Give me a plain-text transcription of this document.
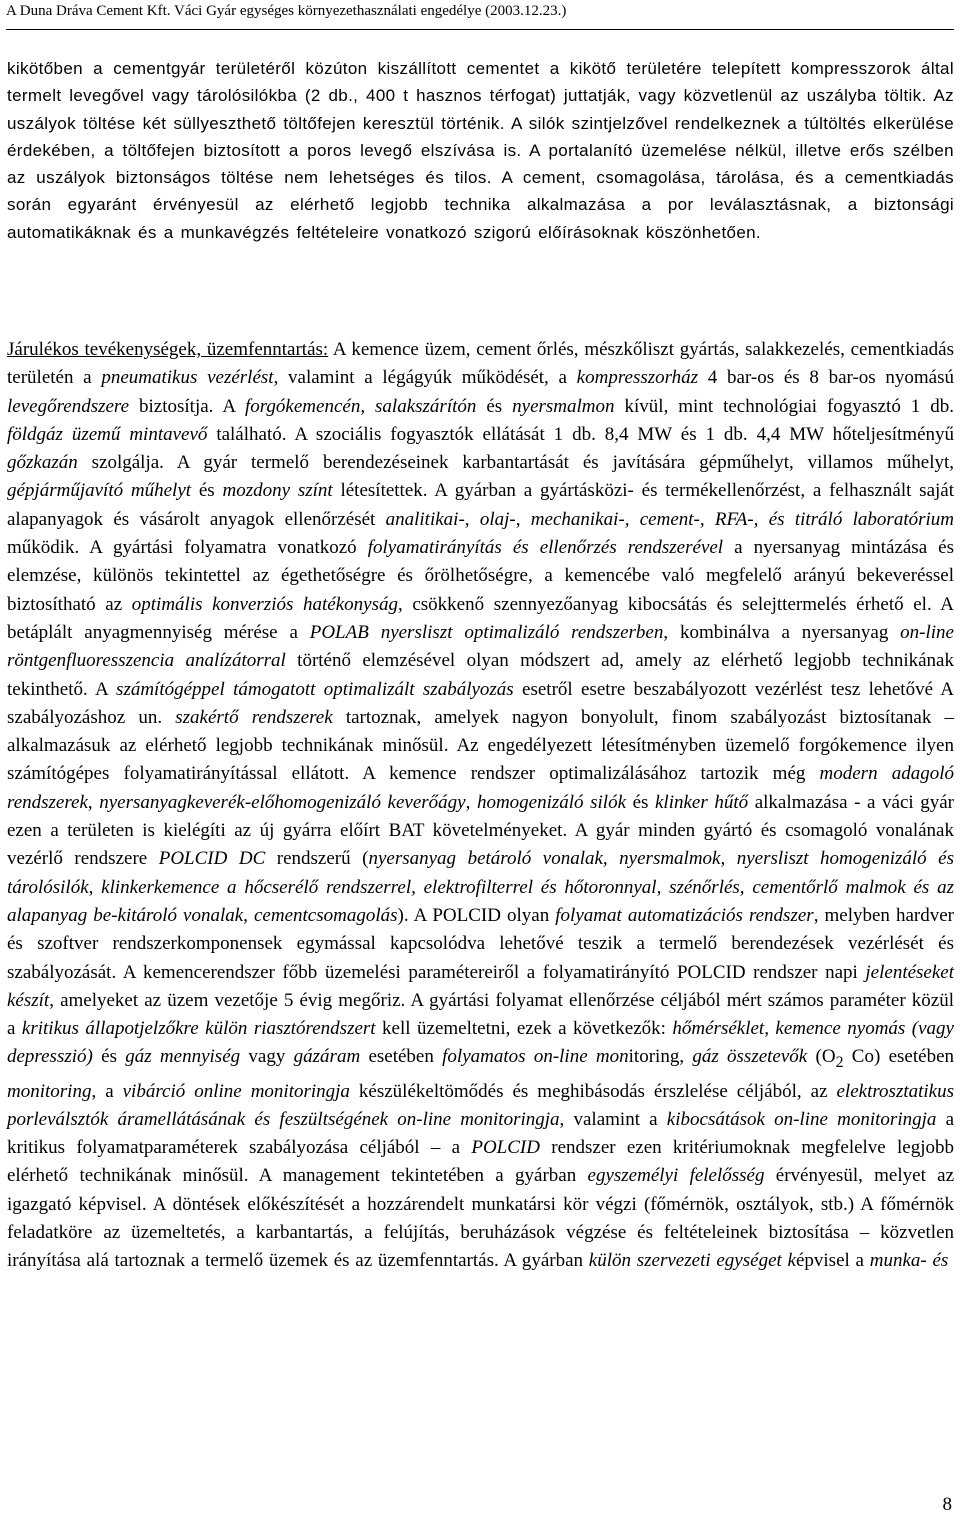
A Duna Dráva Cement Kft. Váci Gyár egységes környezethasználati engedélye (2003.12.23.)
kikötőben a cementgyár területéről közúton kiszállított cementet a kikötő területére telepített kompresszorok által termelt levegővel vagy tárolósilókba (2 db., 400 t hasznos térfogat) juttatják, vagy közvetlenül az uszályba töltik. Az uszályok töltése két süllyeszthető töltőfejen keresztül történik. A silók szintjelzővel rendelkeznek a túltöltés elkerülése érdekében, a töltőfejen biztosított a poros levegő elszívása is. A portalanító üzemelése nélkül, illetve erős szélben az uszályok biztonságos töltése nem lehetséges és tilos. A cement, csomagolása, tárolása, és a cementkiadás során egyaránt érvényesül az elérhető legjobb technika alkalmazása a por leválasztásnak, a biztonsági automatikáknak és a munkavégzés feltételeire vonatkozó szigorú előírásoknak köszönhetően.

Járulékos tevékenységek, üzemfenntartás: A kemence üzem, cement őrlés, mészkőliszt gyártás, salakkezelés, cementkiadás területén a pneumatikus vezérlést, valamint a légágyúk működését, a kompresszorház 4 bar-os és 8 bar-os nyomású levegőrendszere biztosítja. A forgókemencén, salakszárítón és nyersmalmon kívül, mint technológiai fogyasztó 1 db. földgáz üzemű mintavevő található. A szociális fogyasztók ellátását 1 db. 8,4 MW és 1 db. 4,4 MW hőteljesítményű gőzkazán szolgálja. A gyár termelő berendezéseinek karbantartását és javítására gépműhelyt, villamos műhelyt, gépjárműjavító műhelyt és mozdony színt létesítettek. A gyárban a gyártásközi- és termékellenőrzést, a felhasznált saját alapanyagok és vásárolt anyagok ellenőrzését analitikai-, olaj-, mechanikai-, cement-, RFA-, és titráló laboratórium működik. A gyártási folyamatra vonatkozó folyamatirányítás és ellenőrzés rendszerével a nyersanyag mintázása és elemzése, különös tekintettel az égethetőségre és őrölhetőségre, a kemencébe való megfelelő arányú bekeveréssel biztosítható az optimális konverziós hatékonyság, csökkenő szennyezőanyag kibocsátás és selejttermelés érhető el. A betáplált anyagmennyiség mérése a POLAB nyersliszt optimalizáló rendszerben, kombinálva a nyersanyag on-line röntgenfluoresszencia analízátorral történő elemzésével olyan módszert ad, amely az elérhető legjobb technikának tekinthető. A számítógéppel támogatott optimalizált szabályozás esetről esetre beszabályozott vezérlést tesz lehetővé A szabályozáshoz un. szakértő rendszerek tartoznak, amelyek nagyon bonyolult, finom szabályozást biztosítanak – alkalmazásuk az elérhető legjobb technikának minősül. Az engedélyezett létesítményben üzemelő forgókemence ilyen számítógépes folyamatirányítással ellátott. A kemence rendszer optimalizálásához tartozik még modern adagoló rendszerek, nyersanyagkeverék-előhomogenizáló keverőágy, homogenizáló silók és klinker hűtő alkalmazása - a váci gyár ezen a területen is kielégíti az új gyárra előírt BAT követelményeket. A gyár minden gyártó és csomagoló vonalának vezérlő rendszere POLCID DC rendszerű (nyersanyag betároló vonalak, nyersmalmok, nyersliszt homogenizáló és tárolósilók, klinkerkemence a hőcserélő rendszerrel, elektrofilterrel és hőtoronnyal, szénőrlés, cementőrlő malmok és az alapanyag be-kitároló vonalak, cementcsomagolás). A POLCID olyan folyamat automatizációs rendszer, melyben hardver és szoftver rendszerkomponensek egymással kapcsolódva lehetővé teszik a termelő berendezések vezérlését és szabályozását. A kemencerendszer főbb üzemelési paramétereiről a folyamatirányító POLCID rendszer napi jelentéseket készít, amelyeket az üzem vezetője 5 évig megőriz. A gyártási folyamat ellenőrzése céljából mért számos paraméter közül a kritikus állapotjelzőkre külön riasztórendszert kell üzemeltetni, ezek a következők: hőmérséklet, kemence nyomás (vagy depresszió) és gáz mennyiség vagy gázáram esetében folyamatos on-line monitoring, gáz összetevők ($O_2$ Co) esetében monitoring, a vibárció online monitoringja készülékeltömődés és meghibásodás érszlelése céljából, az elektrosztatikus porleválsztók áramellátásának és feszültségének on-line monitoringja, valamint a kibocsátások on-line monitoringja a kritikus folyamatparaméterek szabályozása céljából – a POLCID rendszer ezen kritériumoknak megfelelve legjobb elérhető technikának minősül. A management tekintetében a gyárban egyszemélyi felelősség érvényesül, melyet az igazgató képvisel. A döntések előkészítését a hozzárendelt munkatársi kör végzi (főmérnök, osztályok, stb.) A főmérnök feladatköre az üzemeltetés, a karbantartás, a felújítás, beruházások végzése és feltételeinek biztosítása – közvetlen irányítása alá tartoznak a termelő üzemek és az üzemfenntartás. A gyárban külön szervezeti egységet képvisel a munka- és

8
